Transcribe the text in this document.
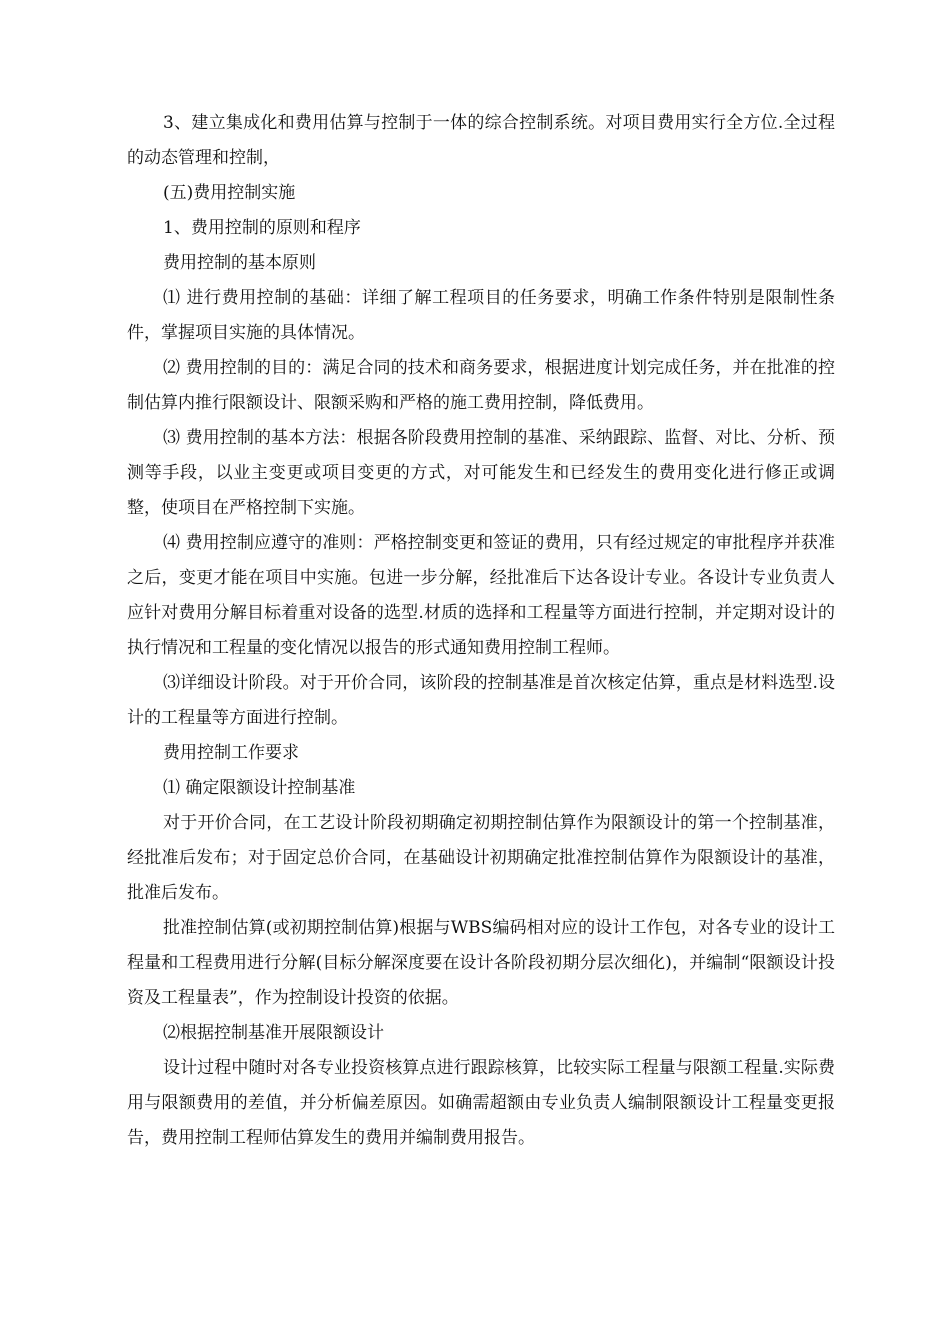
3、建立集成化和费用估算与控制于一体的综合控制系统。对项目费用实行全方位.全过程的动态管理和控制，

(五)费用控制实施

1、费用控制的原则和程序

费用控制的基本原则

⑴ 进行费用控制的基础：详细了解工程项目的任务要求，明确工作条件特别是限制性条件，掌握项目实施的具体情况。

⑵ 费用控制的目的：满足合同的技术和商务要求，根据进度计划完成任务，并在批准的控制估算内推行限额设计、限额采购和严格的施工费用控制，降低费用。

⑶ 费用控制的基本方法：根据各阶段费用控制的基准、采纳跟踪、监督、对比、分析、预测等手段，以业主变更或项目变更的方式，对可能发生和已经发生的费用变化进行修正或调整，使项目在严格控制下实施。

⑷ 费用控制应遵守的准则：严格控制变更和签证的费用，只有经过规定的审批程序并获准之后，变更才能在项目中实施。包进一步分解，经批准后下达各设计专业。各设计专业负责人应针对费用分解目标着重对设备的选型.材质的选择和工程量等方面进行控制，并定期对设计的执行情况和工程量的变化情况以报告的形式通知费用控制工程师。

⑶详细设计阶段。对于开价合同，该阶段的控制基准是首次核定估算，重点是材料选型.设计的工程量等方面进行控制。

费用控制工作要求

⑴ 确定限额设计控制基准

对于开价合同，在工艺设计阶段初期确定初期控制估算作为限额设计的第一个控制基准，经批准后发布；对于固定总价合同，在基础设计初期确定批准控制估算作为限额设计的基准，批准后发布。

批准控制估算(或初期控制估算)根据与WBS编码相对应的设计工作包，对各专业的设计工程量和工程费用进行分解(目标分解深度要在设计各阶段初期分层次细化)，并编制“限额设计投资及工程量表”，作为控制设计投资的依据。

⑵根据控制基准开展限额设计

设计过程中随时对各专业投资核算点进行跟踪核算，比较实际工程量与限额工程量.实际费用与限额费用的差值，并分析偏差原因。如确需超额由专业负责人编制限额设计工程量变更报告，费用控制工程师估算发生的费用并编制费用报告。
